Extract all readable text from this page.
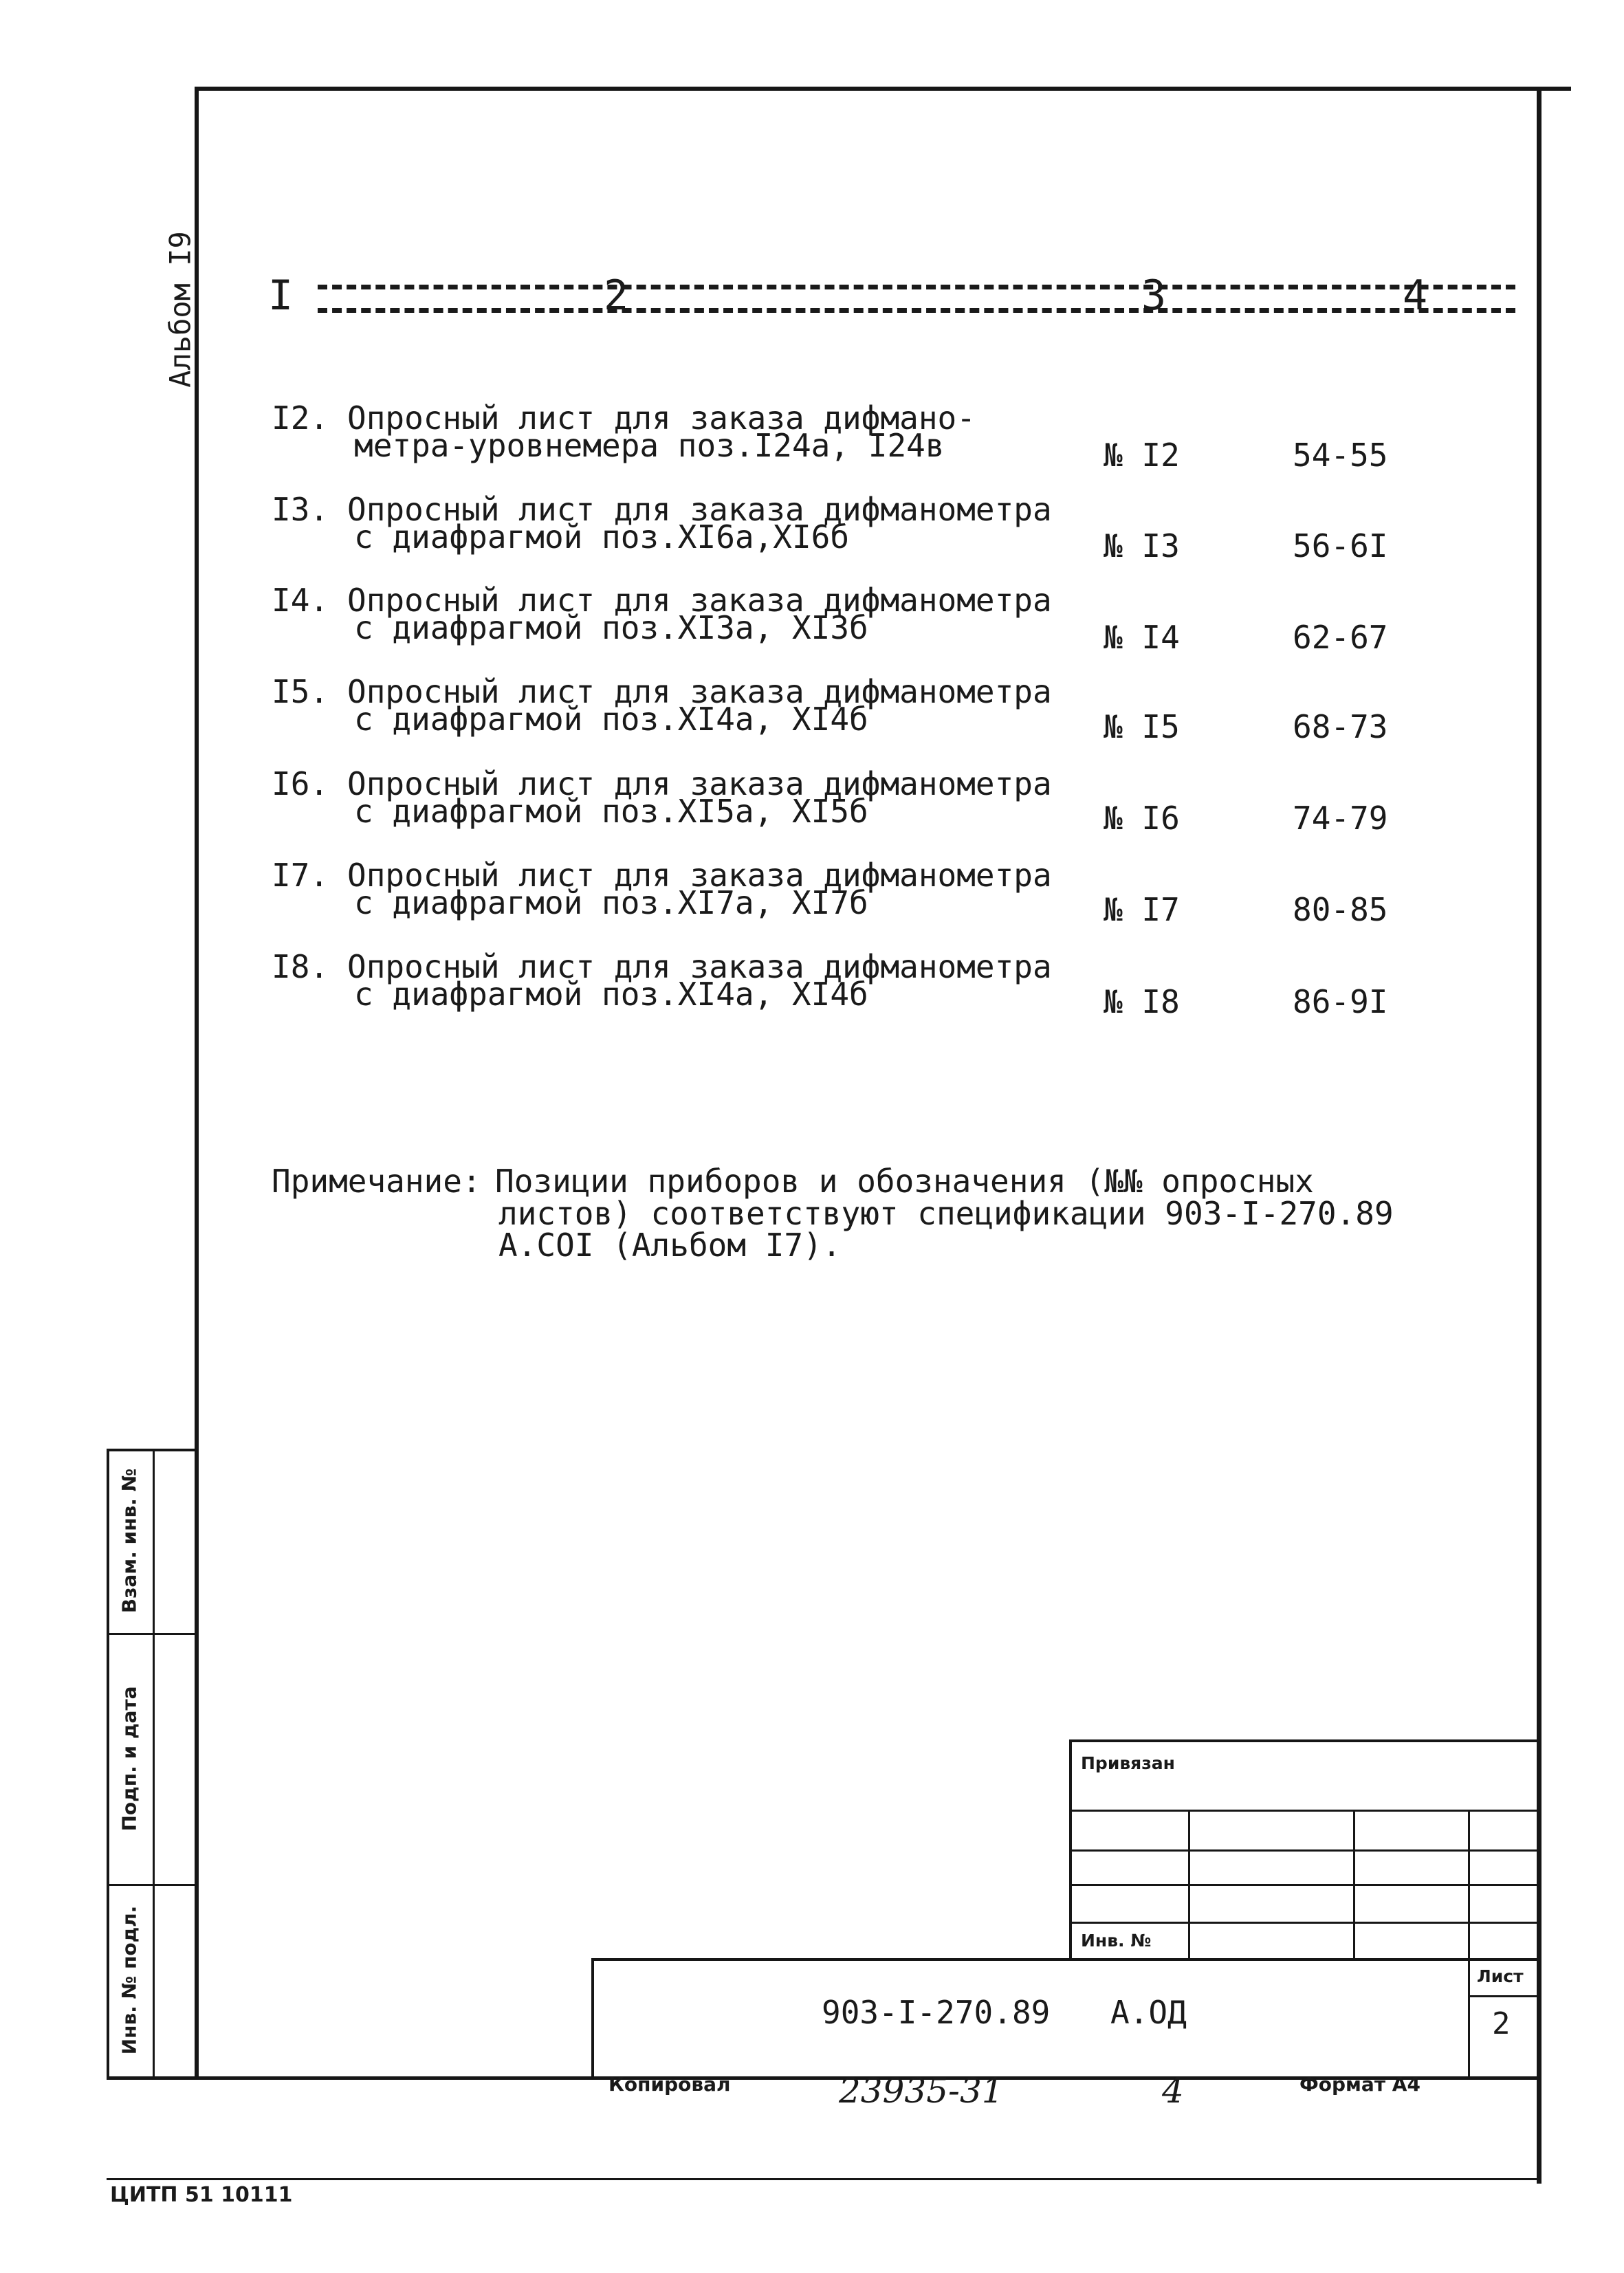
Альбом I9 I	2	3	4
I2. Опросный лист для заказа дифмано-
метра-уровнемера поз.I24а, I24в	№ I2	54-55
I3. Опросный лист для заказа дифманометра
с диафрагмой поз.XI6а,XI6б	№ I3	56-6I
I4. Опросный лист для заказа дифманометра
с диафрагмой поз.XI3а, XI3б	№ I4	62-67
I5. Опросный лист для заказа дифманометра
с диафрагмой поз.XI4а, XI4б	№ I5	68-73
I6. Опросный лист для заказа дифманометра
с диафрагмой поз.XI5а, XI5б	№ I6	74-79
I7. Опросный лист для заказа дифманометра
с диафрагмой поз.XI7а, XI7б	№ I7	80-85
I8. Опросный лист для заказа дифманометра
с диафрагмой поз.XI4а, XI4б	№ I8	86-9I
Примечание: Позиции приборов и обозначения (№№ опросных
листов) соответствуют спецификации 903-I-270.89
А.СОI (Альбом I7).
Взам. инв. №
Подп. и дата
Инв. № подл.
Привязан
Инв. №
Лист
2
903-I-270.89 А.ОД
Копировал	23935-31	4	Формат А4
ЦИТП 51 10111
